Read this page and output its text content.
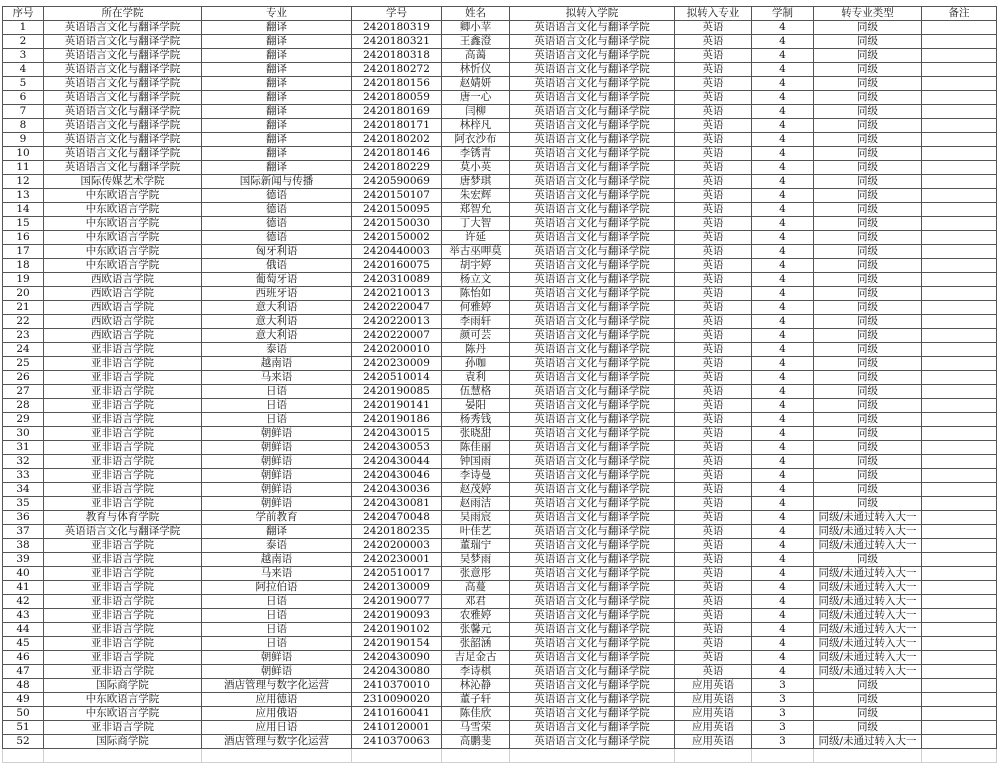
序号	所在学院	专业	学号	姓名	拟转入学院	拟转入专业	学制	转专业类型	备注
1	英语语言文化与翻译学院	翻译	2420180319	卿小苹	英语语言文化与翻译学院	英语	4	同级	
2	英语语言文化与翻译学院	翻译	2420180321	王鑫澄	英语语言文化与翻译学院	英语	4	同级	
3	英语语言文化与翻译学院	翻译	2420180318	高蔼	英语语言文化与翻译学院	英语	4	同级	
4	英语语言文化与翻译学院	翻译	2420180272	林忻仪	英语语言文化与翻译学院	英语	4	同级	
5	英语语言文化与翻译学院	翻译	2420180156	赵婧妍	英语语言文化与翻译学院	英语	4	同级	
6	英语语言文化与翻译学院	翻译	2420180059	唐一心	英语语言文化与翻译学院	英语	4	同级	
7	英语语言文化与翻译学院	翻译	2420180169	闫柳	英语语言文化与翻译学院	英语	4	同级	
8	英语语言文化与翻译学院	翻译	2420180171	林梓凡	英语语言文化与翻译学院	英语	4	同级	
9	英语语言文化与翻译学院	翻译	2420180202	阿衣沙布	英语语言文化与翻译学院	英语	4	同级	
10	英语语言文化与翻译学院	翻译	2420180146	李锈青	英语语言文化与翻译学院	英语	4	同级	
11	英语语言文化与翻译学院	翻译	2420180229	莫小英	英语语言文化与翻译学院	英语	4	同级	
12	国际传媒艺术学院	国际新闻与传播	2420590069	唐梦琪	英语语言文化与翻译学院	英语	4	同级	
13	中东欧语言学院	德语	2420150107	朱宏辉	英语语言文化与翻译学院	英语	4	同级	
14	中东欧语言学院	德语	2420150095	郑智允	英语语言文化与翻译学院	英语	4	同级	
15	中东欧语言学院	德语	2420150030	丁大智	英语语言文化与翻译学院	英语	4	同级	
16	中东欧语言学院	德语	2420150002	许延	英语语言文化与翻译学院	英语	4	同级	
17	中东欧语言学院	匈牙利语	2420440003	举古巫呷莫	英语语言文化与翻译学院	英语	4	同级	
18	中东欧语言学院	俄语	2420160075	胡宇婷	英语语言文化与翻译学院	英语	4	同级	
19	西欧语言学院	葡萄牙语	2420310089	杨立文	英语语言文化与翻译学院	英语	4	同级	
20	西欧语言学院	西班牙语	2420210013	陈怡如	英语语言文化与翻译学院	英语	4	同级	
21	西欧语言学院	意大利语	2420220047	何雅婷	英语语言文化与翻译学院	英语	4	同级	
22	西欧语言学院	意大利语	2420220013	李雨轩	英语语言文化与翻译学院	英语	4	同级	
23	西欧语言学院	意大利语	2420220007	颜可芸	英语语言文化与翻译学院	英语	4	同级	
24	亚非语言学院	泰语	2420200010	陈丹	英语语言文化与翻译学院	英语	4	同级	
25	亚非语言学院	越南语	2420230009	孙咖	英语语言文化与翻译学院	英语	4	同级	
26	亚非语言学院	马来语	2420510014	袁利	英语语言文化与翻译学院	英语	4	同级	
27	亚非语言学院	日语	2420190085	伍慧格	英语语言文化与翻译学院	英语	4	同级	
28	亚非语言学院	日语	2420190141	晏阳	英语语言文化与翻译学院	英语	4	同级	
29	亚非语言学院	日语	2420190186	杨秀钱	英语语言文化与翻译学院	英语	4	同级	
30	亚非语言学院	朝鲜语	2420430015	张晓甜	英语语言文化与翻译学院	英语	4	同级	
31	亚非语言学院	朝鲜语	2420430053	陈佳丽	英语语言文化与翻译学院	英语	4	同级	
32	亚非语言学院	朝鲜语	2420430044	钟国雨	英语语言文化与翻译学院	英语	4	同级	
33	亚非语言学院	朝鲜语	2420430046	李诗曼	英语语言文化与翻译学院	英语	4	同级	
34	亚非语言学院	朝鲜语	2420430036	赵茂婷	英语语言文化与翻译学院	英语	4	同级	
35	亚非语言学院	朝鲜语	2420430081	赵雨洁	英语语言文化与翻译学院	英语	4	同级	
36	教育与体育学院	学前教育	2420470048	吴雨宸	英语语言文化与翻译学院	英语	4	同级/未通过转入大一	
37	英语语言文化与翻译学院	翻译	2420180235	叶佳艺	英语语言文化与翻译学院	英语	4	同级/未通过转入大一	
38	亚非语言学院	泰语	2420200003	董瑞宁	英语语言文化与翻译学院	英语	4	同级/未通过转入大一	
39	亚非语言学院	越南语	2420230001	吴梦雨	英语语言文化与翻译学院	英语	4	同级	
40	亚非语言学院	马来语	2420510017	张意彤	英语语言文化与翻译学院	英语	4	同级/未通过转入大一	
41	亚非语言学院	阿拉伯语	2420130009	高蔓	英语语言文化与翻译学院	英语	4	同级/未通过转入大一	
42	亚非语言学院	日语	2420190077	邓君	英语语言文化与翻译学院	英语	4	同级/未通过转入大一	
43	亚非语言学院	日语	2420190093	农雅婷	英语语言文化与翻译学院	英语	4	同级/未通过转入大一	
44	亚非语言学院	日语	2420190102	张馨元	英语语言文化与翻译学院	英语	4	同级/未通过转入大一	
45	亚非语言学院	日语	2420190154	张韶涵	英语语言文化与翻译学院	英语	4	同级/未通过转入大一	
46	亚非语言学院	朝鲜语	2420430090	吉足金古	英语语言文化与翻译学院	英语	4	同级/未通过转入大一	
47	亚非语言学院	朝鲜语	2420430080	李诗棋	英语语言文化与翻译学院	英语	4	同级/未通过转入大一	
48	国际商学院	酒店管理与数字化运营	2410370010	林沁静	英语语言文化与翻译学院	应用英语	3	同级	
49	中东欧语言学院	应用德语	2310090020	董子轩	英语语言文化与翻译学院	应用英语	3	同级	
50	中东欧语言学院	应用俄语	2410160041	陈佳欣	英语语言文化与翻译学院	应用英语	3	同级	
51	亚非语言学院	应用日语	2410120001	马雪荣	英语语言文化与翻译学院	应用英语	3	同级	
52	国际商学院	酒店管理与数字化运营	2410370063	高鹏斐	英语语言文化与翻译学院	应用英语	3	同级/未通过转入大一	
